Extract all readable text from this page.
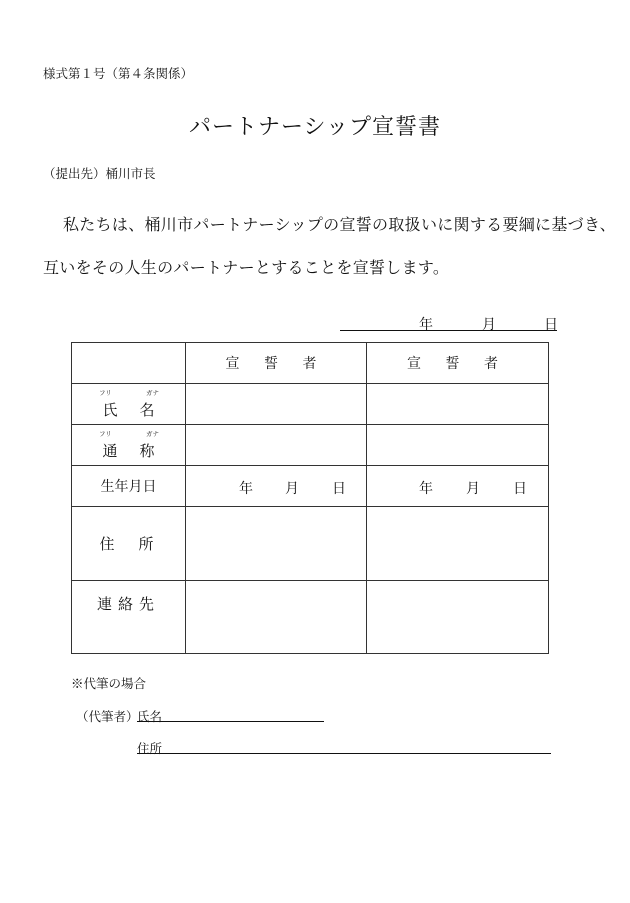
様式第１号（第４条関係）
パートナーシップ宣誓書
（提出先）桶川市長
私たちは、桶川市パートナーシップの宣誓の取扱いに関する要綱に基づき、
互いをその人生のパートナーとすることを宣誓します。
年	月	日
	宣 誓 者	宣 誓 者

フリ ガナ
氏名		

フリ ガナ
通称		
生年月日	年 月 日	年 月 日

住所		
連絡先		
※代筆の場合
（代筆者）
氏名
住所
